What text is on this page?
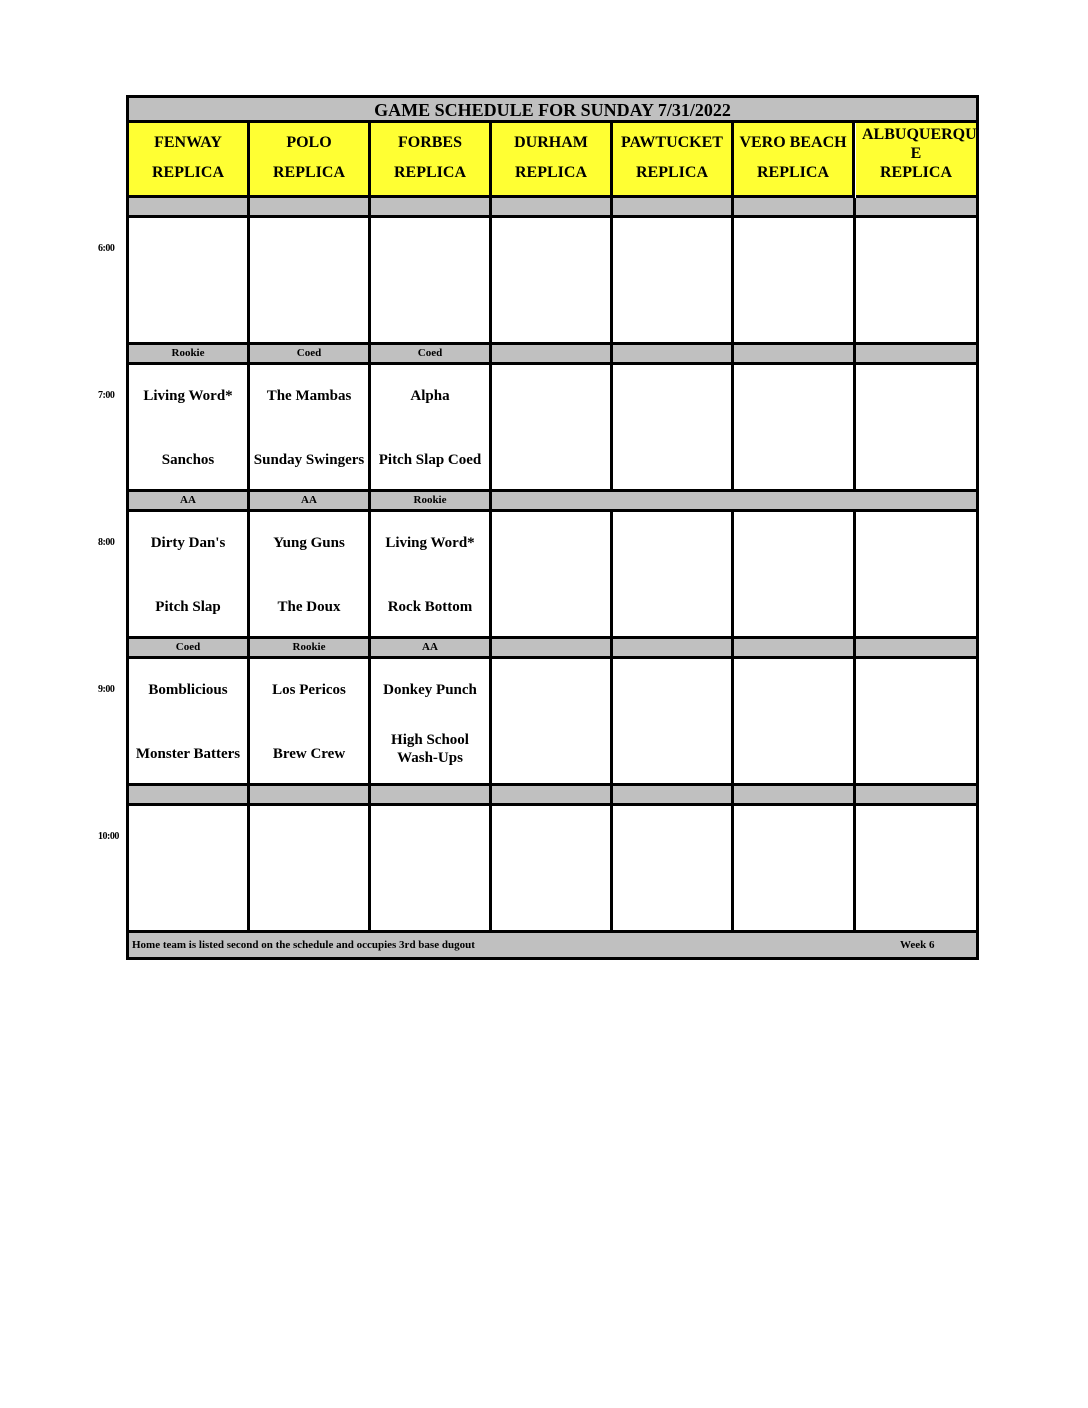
6:00
7:00
8:00
9:00
10:00
GAME SCHEDULE FOR SUNDAY 7/31/2022
FENWAY
REPLICA
POLO
REPLICA
FORBES
REPLICA
DURHAM
REPLICA
PAWTUCKET
REPLICA
VERO BEACH
REPLICA
ALBUQUERQU E
REPLICA
Rookie
Living Word*
Sanchos
Coed
The Mambas
Sunday Swingers
Coed
Alpha
Pitch Slap Coed
AA
Dirty Dan's
Pitch Slap
AA
Yung Guns
The Doux
Rookie
Living Word*
Rock Bottom
Coed
Bomblicious
Monster Batters
Rookie
Los Pericos
Brew Crew
AA
Donkey Punch
High School Wash-Ups
Home team is listed second on the schedule and occupies 3rd base dugout	Week 6
